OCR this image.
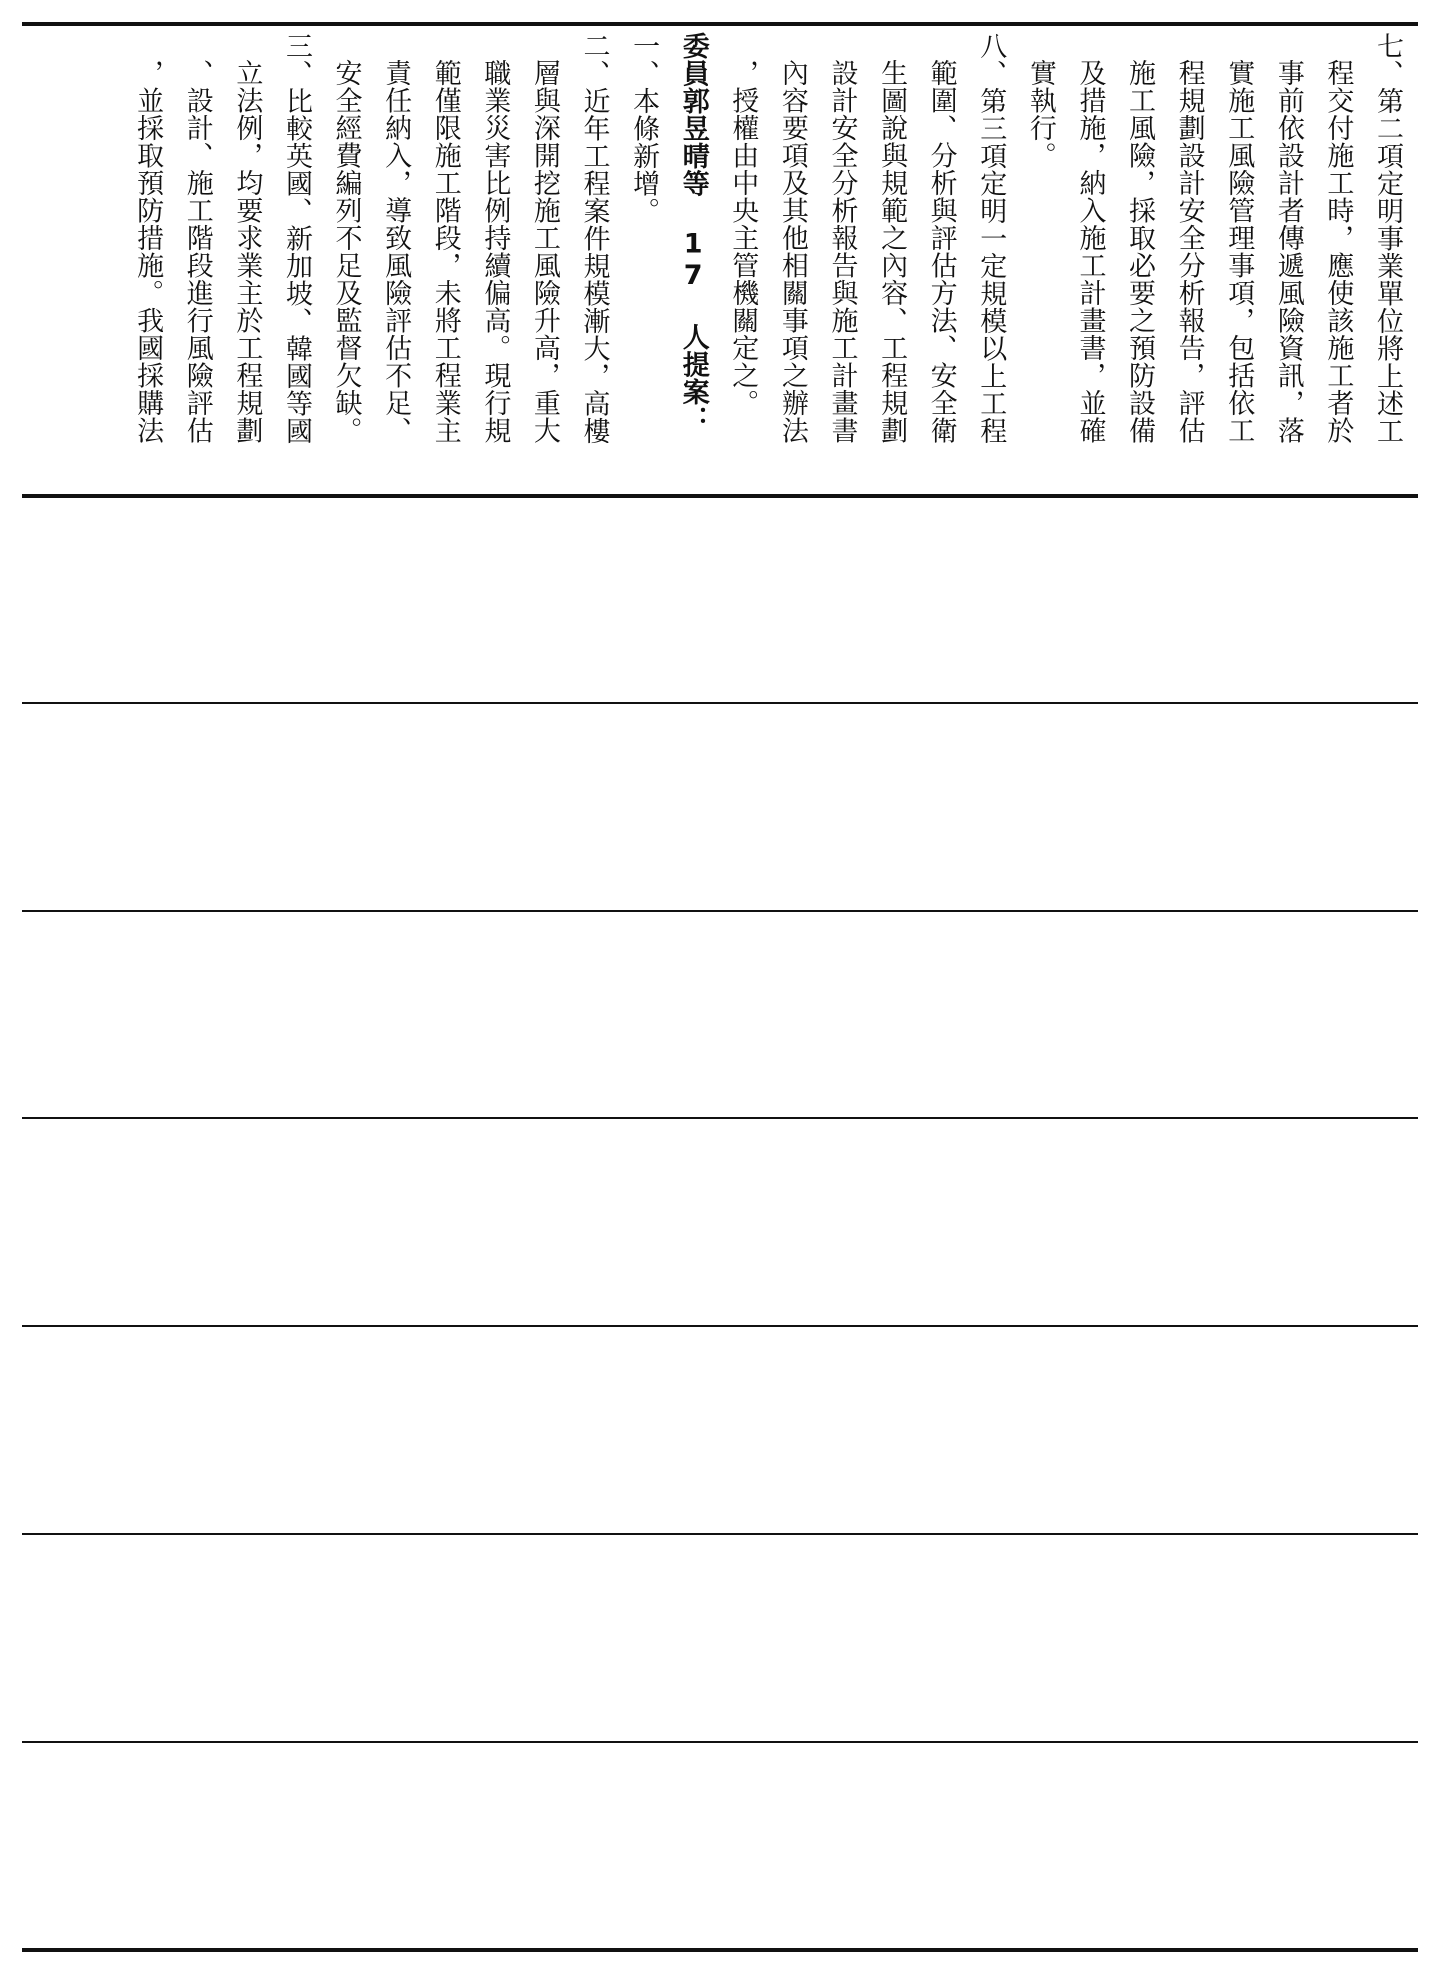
七、第二項定明事業單位將上述工
程交付施工時，應使該施工者於
事前依設計者傳遞風險資訊，落
實施工風險管理事項，包括依工
程規劃設計安全分析報告，評估
施工風險，採取必要之預防設備
及措施，納入施工計畫書，並確
實執行。
八、第三項定明一定規模以上工程
範圍、分析與評估方法、安全衛
生圖說與規範之內容、工程規劃
設計安全分析報告與施工計畫書
內容要項及其他相關事項之辦法
，授權由中央主管機關定之。
委員郭昱晴等 17 人提案：
一、本條新增。
二、近年工程案件規模漸大，高樓
層與深開挖施工風險升高，重大
職業災害比例持續偏高。現行規
範僅限施工階段，未將工程業主
責任納入，導致風險評估不足、
安全經費編列不足及監督欠缺。
三、比較英國、新加坡、韓國等國
立法例，均要求業主於工程規劃
、設計、施工階段進行風險評估
，並採取預防措施。我國採購法
